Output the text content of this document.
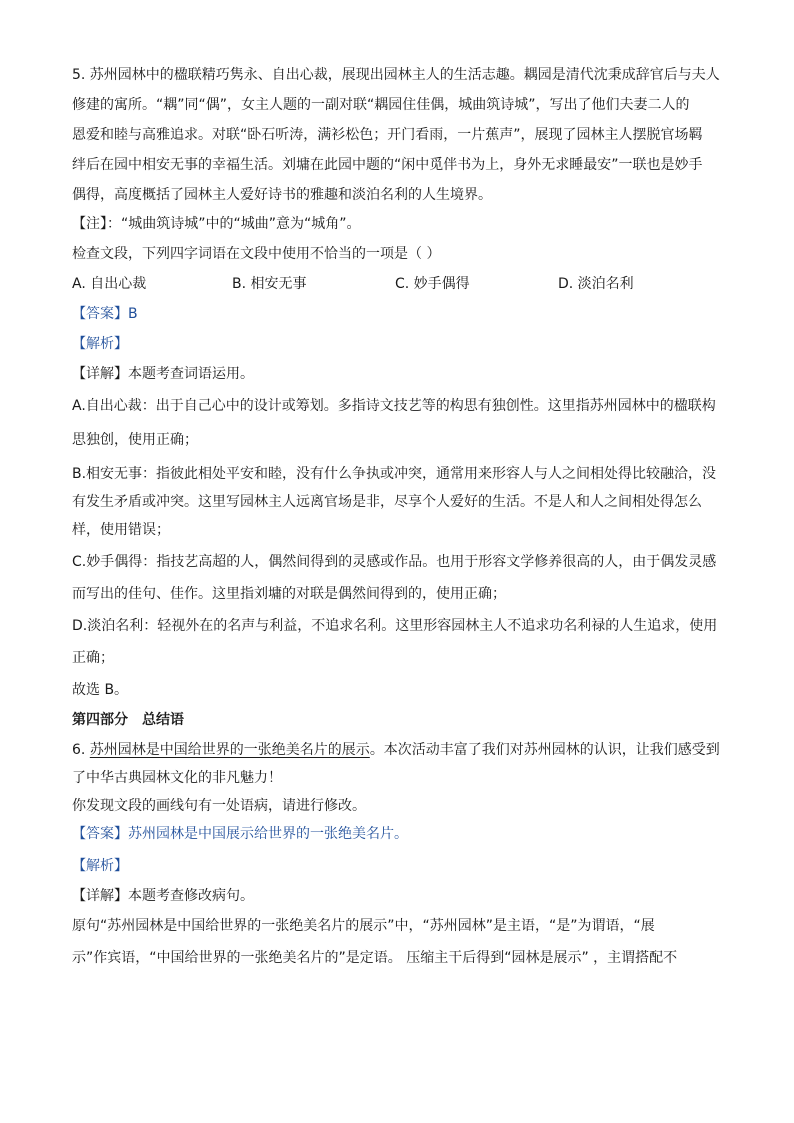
5. 苏州园林中的楹联精巧隽永、自出心裁，展现出园林主人的生活志趣。耦园是清代沈秉成辞官后与夫人
修建的寓所。“耦”同“偶”，女主人题的一副对联“耦园住佳偶，城曲筑诗城”，写出了他们夫妻二人的
恩爱和睦与高雅追求。对联“卧石听涛，满衫松色；开门看雨，一片蕉声”，展现了园林主人摆脱官场羁
绊后在园中相安无事的幸福生活。刘墉在此园中题的“闲中觅伴书为上，身外无求睡最安”一联也是妙手
偶得，高度概括了园林主人爱好诗书的雅趣和淡泊名利的人生境界。
【注】：“城曲筑诗城”中的“城曲”意为“城角”。
检查文段，下列四字词语在文段中使用不恰当的一项是（ ）
A. 自出心裁	B. 相安无事	C. 妙手偶得	D. 淡泊名利
【答案】B
【解析】
【详解】本题考查词语运用。
A.自出心裁：出于自己心中的设计或筹划。多指诗文技艺等的构思有独创性。这里指苏州园林中的楹联构
思独创，使用正确；
B.相安无事：指彼此相处平安和睦，没有什么争执或冲突，通常用来形容人与人之间相处得比较融洽，没
有发生矛盾或冲突。这里写园林主人远离官场是非，尽享个人爱好的生活。不是人和人之间相处得怎么
样，使用错误；
C.妙手偶得：指技艺高超的人，偶然间得到的灵感或作品。也用于形容文学修养很高的人，由于偶发灵感
而写出的佳句、佳作。这里指刘墉的对联是偶然间得到的，使用正确；
D.淡泊名利：轻视外在的名声与利益，不追求名利。这里形容园林主人不追求功名利禄的人生追求，使用
正确；
故选 B。
第四部分　总结语
6. 苏州园林是中国给世界的一张绝美名片的展示。本次活动丰富了我们对苏州园林的认识，让我们感受到
了中华古典园林文化的非凡魅力！
你发现文段的画线句有一处语病，请进行修改。
【答案】苏州园林是中国展示给世界的一张绝美名片。
【解析】
【详解】本题考查修改病句。
原句“苏州园林是中国给世界的一张绝美名片的展示”中，“苏州园林”是主语，“是”为谓语，“展
示”作宾语，“中国给世界的一张绝美名片的”是定语。 压缩主干后得到“园林是展示” ，主谓搭配不
